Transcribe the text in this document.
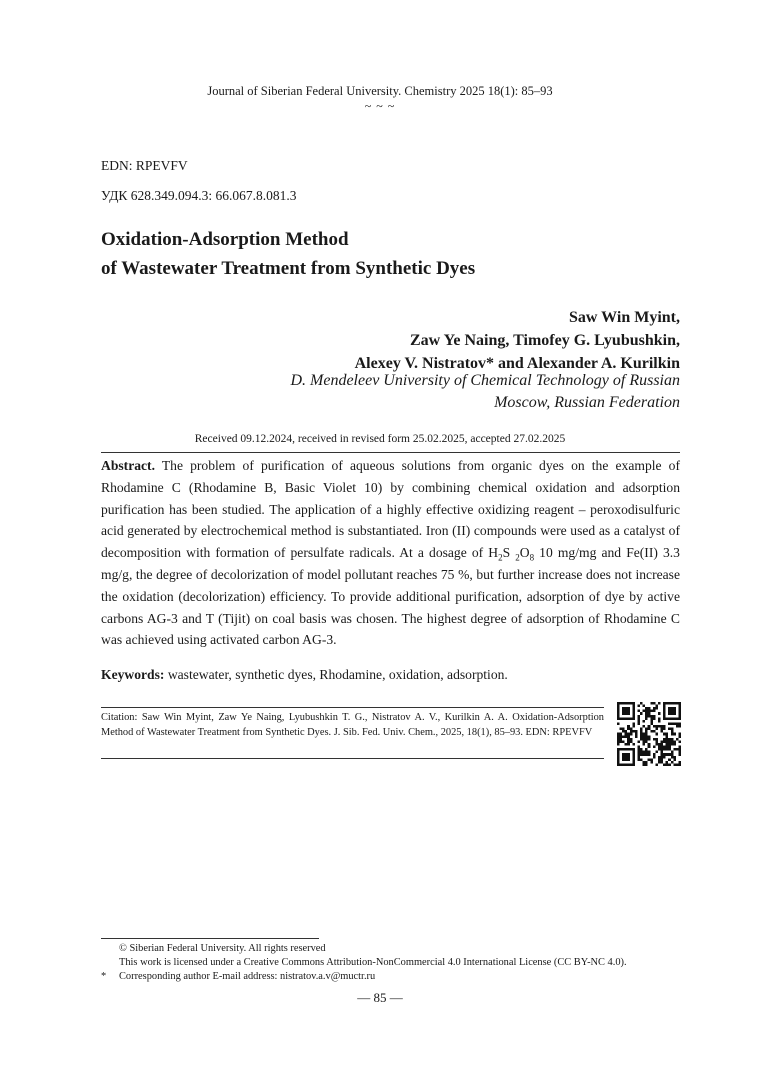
Journal of Siberian Federal University. Chemistry 2025 18(1): 85–93
~ ~ ~
EDN: RPEVFV
УДК 628.349.094.3: 66.067.8.081.3
Oxidation-Adsorption Method
of Wastewater Treatment from Synthetic Dyes
Saw Win Myint,
Zaw Ye Naing, Timofey G. Lyubushkin,
Alexey V. Nistratov* and Alexander A. Kurilkin
D. Mendeleev University of Chemical Technology of Russian
Moscow, Russian Federation
Received 09.12.2024, received in revised form 25.02.2025, accepted 27.02.2025
Abstract. The problem of purification of aqueous solutions from organic dyes on the example of Rhodamine C (Rhodamine B, Basic Violet 10) by combining chemical oxidation and adsorption purification has been studied. The application of a highly effective oxidizing reagent – peroxodisulfuric acid generated by electrochemical method is substantiated. Iron (II) compounds were used as a catalyst of decomposition with formation of persulfate radicals. At a dosage of $H_2S$ $_2O_8$ 10 mg/mg and Fe(II) 3.3 mg/g, the degree of decolorization of model pollutant reaches 75 %, but further increase does not increase the oxidation (decolorization) efficiency. To provide additional purification, adsorption of dye by active carbons AG-3 and T (Tijit) on coal basis was chosen. The highest degree of adsorption of Rhodamine C was achieved using activated carbon AG-3.
Keywords: wastewater, synthetic dyes, Rhodamine, oxidation, adsorption.
Citation: Saw Win Myint, Zaw Ye Naing, Lyubushkin T. G., Nistratov A. V., Kurilkin A. A. Oxidation-Adsorption Method of Wastewater Treatment from Synthetic Dyes. J. Sib. Fed. Univ. Chem., 2025, 18(1), 85–93. EDN: RPEVFV
© Siberian Federal University. All rights reserved
This work is licensed under a Creative Commons Attribution-NonCommercial 4.0 International License (CC BY-NC 4.0).
* Corresponding author E-mail address: nistratov.a.v@muctr.ru
— 85 —
